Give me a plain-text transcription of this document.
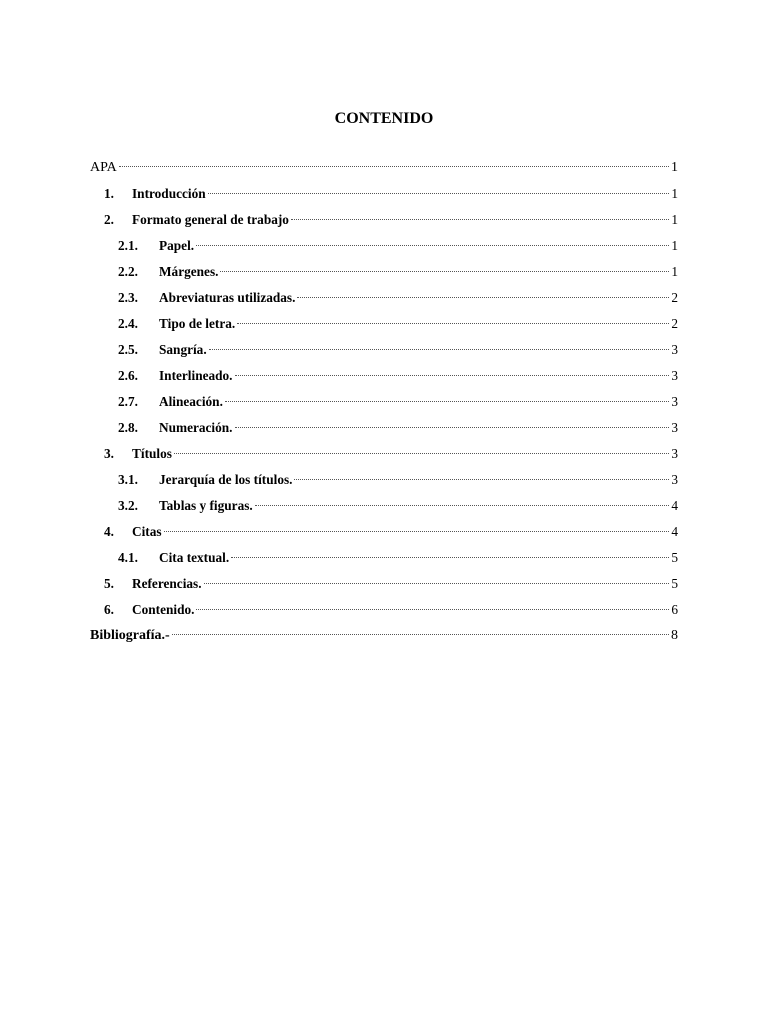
CONTENIDO
APA	1
1.	Introducción	1
2.	Formato general de trabajo	1
2.1.	Papel.	1
2.2.	Márgenes.	1
2.3.	Abreviaturas utilizadas.	2
2.4.	Tipo de letra.	2
2.5.	Sangría.	3
2.6.	Interlineado.	3
2.7.	Alineación.	3
2.8.	Numeración.	3
3.	Títulos	3
3.1.	Jerarquía de los títulos.	3
3.2.	Tablas y figuras.	4
4.	Citas	4
4.1.	Cita textual.	5
5.	Referencias.	5
6.	Contenido.	6
Bibliografía.-	8
